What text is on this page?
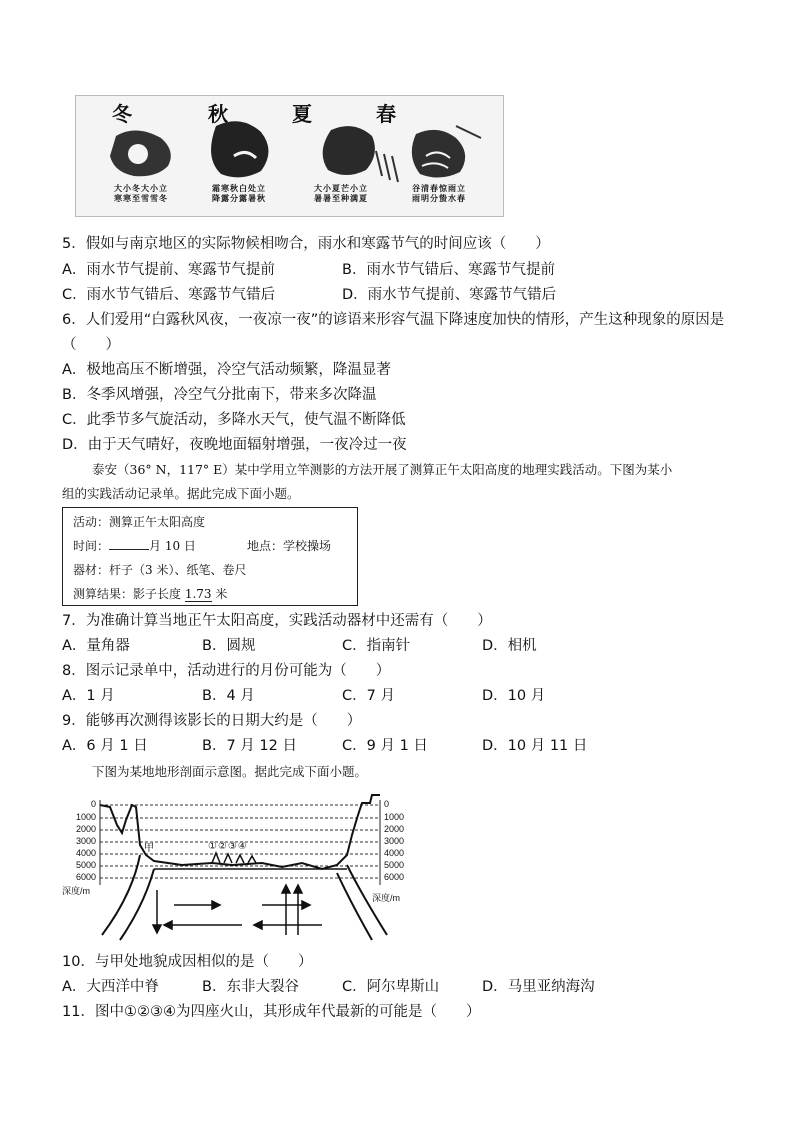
冬	秋	夏	春
大小冬大小立
寒寒至雪雪冬
霜寒秋白处立
降露分露暑秋
大小夏芒小立
暑暑至种满夏
谷清春惊雨立
雨明分蛰水春
5．假如与南京地区的实际物候相吻合，雨水和寒露节气的时间应该（　　）
A．雨水节气提前、寒露节气提前	B．雨水节气错后、寒露节气提前
C．雨水节气错后、寒露节气错后	D．雨水节气提前、寒露节气错后
6．人们爱用“白露秋风夜，一夜凉一夜”的谚语来形容气温下降速度加快的情形，产生这种现象的原因是
（　　）
A．极地高压不断增强，冷空气活动频繁，降温显著
B．冬季风增强，冷空气分批南下，带来多次降温
C．此季节多气旋活动，多降水天气，使气温不断降低
D．由于天气晴好，夜晚地面辐射增强，一夜冷过一夜
泰安（36° N，117° E）某中学用立竿测影的方法开展了测算正午太阳高度的地理实践活动。下图为某小
组的实践活动记录单。据此完成下面小题。
活动：测算正午太阳高度
时间：	月 10 日	地点：学校操场
器材：杆子（3 米）、纸笔、卷尺
测算结果：影子长度 1.73 米
7．为准确计算当地正午太阳高度，实践活动器材中还需有（　　）
A．量角器	B．圆规	C．指南针	D．相机
8．图示记录单中，活动进行的月份可能为（　　）
A．1 月	B．4 月	C．7 月	D．10 月
9．能够再次测得该影长的日期大约是（　　）
A．6 月 1 日	B．7 月 12 日	C．9 月 1 日	D．10 月 11 日
下图为某地地形剖面示意图。据此完成下面小题。
0
1000
2000
3000
4000
5000
6000
深度/m
0
1000
2000
3000
4000
5000
6000
深度/m
甲	①②③④
10．与甲处地貌成因相似的是（　　）
A．大西洋中脊	B．东非大裂谷	C．阿尔卑斯山	D．马里亚纳海沟
11．图中①②③④为四座火山，其形成年代最新的可能是（　　）
